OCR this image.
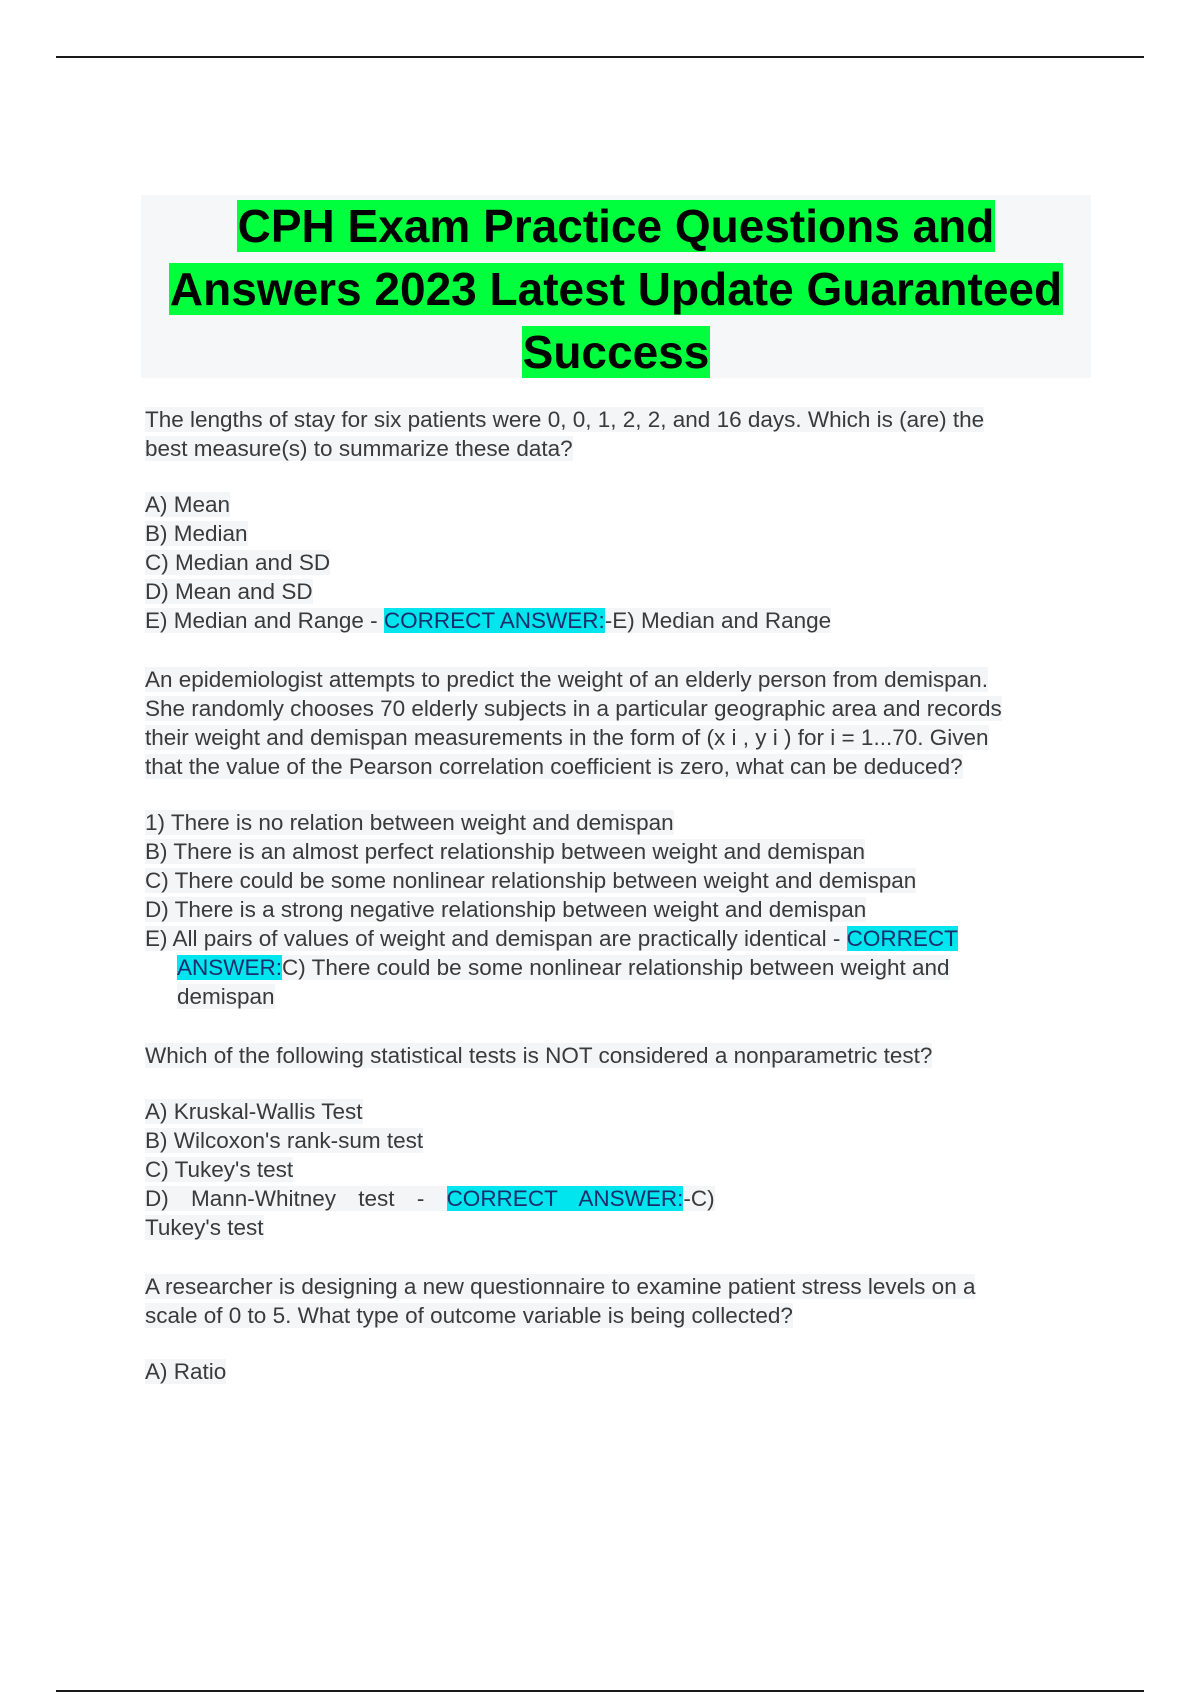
CPH Exam Practice Questions and
Answers 2023 Latest Update Guaranteed
Success
The lengths of stay for six patients were 0, 0, 1, 2, 2, and 16 days. Which is (are) the
best measure(s) to summarize these data?
A) Mean
B) Median
C) Median and SD
D) Mean and SD
E) Median and Range - CORRECT ANSWER:-E) Median and Range
An epidemiologist attempts to predict the weight of an elderly person from demispan.
She randomly chooses 70 elderly subjects in a particular geographic area and records
their weight and demispan measurements in the form of (x i , y i ) for i = 1...70. Given
that the value of the Pearson correlation coefficient is zero, what can be deduced?
1) There is no relation between weight and demispan
B) There is an almost perfect relationship between weight and demispan
C) There could be some nonlinear relationship between weight and demispan
D) There is a strong negative relationship between weight and demispan
E) All pairs of values of weight and demispan are practically identical - CORRECT
ANSWER:C) There could be some nonlinear relationship between weight and
demispan
Which of the following statistical tests is NOT considered a nonparametric test?
A) Kruskal-Wallis Test
B) Wilcoxon's rank-sum test
C) Tukey's test
D) Mann-Whitney test - CORRECT ANSWER:-C)
Tukey's test
A researcher is designing a new questionnaire to examine patient stress levels on a
scale of 0 to 5. What type of outcome variable is being collected?
A) Ratio
